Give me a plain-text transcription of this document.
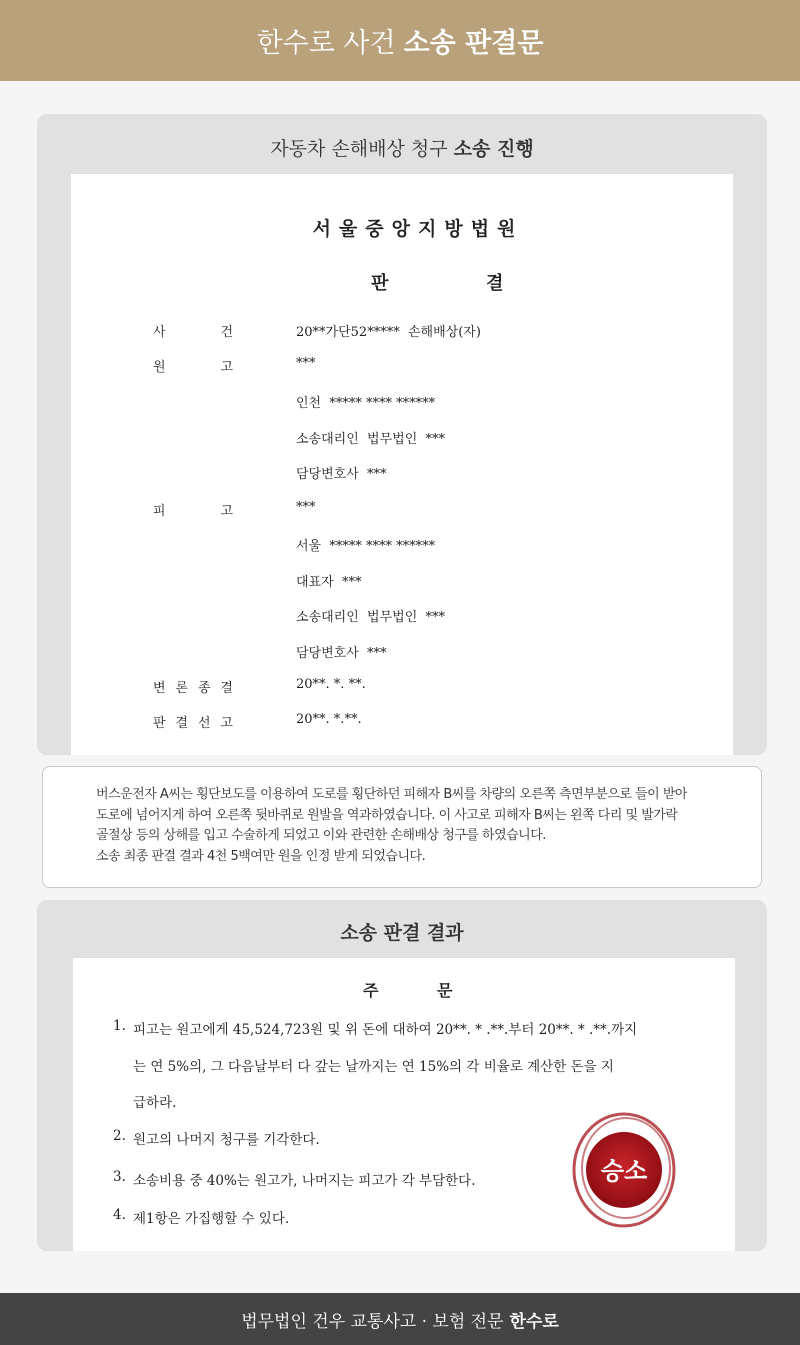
한수로 사건 소송 판결문
자동차 손해배상 청구 소송 진행
서울중앙지방법원
판	결
사	건	20**가단52*****  손해배상(자)
원	고	***
인천  ***** **** ******
소송대리인  법무법인  ***
담당변호사  ***
피	고	***
서울  ***** **** ******
대표자  ***
소송대리인  법무법인  ***
담당변호사  ***
변 론 종 결	20**. *. **.
판 결 선 고	20**. *.**.

버스운전자 A씨는 횡단보도를 이용하여 도로를 횡단하던 피해자 B씨를 차량의 오른쪽 측면부분으로 들이 받아

도로에 넘어지게 하여 오른쪽 뒷바퀴로 원발을 역과하였습니다. 이 사고로 피해자 B씨는 왼쪽 다리 및 발가락

골절상 등의 상해를 입고 수술하게 되었고 이와 관련한 손해배상 청구를 하였습니다.

소송 최종 판결 결과 4천 5백여만 원을 인정 받게 되었습니다.

소송 판결 결과
주	문
1. 피고는 원고에게 45,524,723원 및 위 돈에 대하여 20**. * .**.부터 20**. * .**.까지
는 연 5%의, 그 다음날부터 다 갚는 날까지는 연 15%의 각 비율로 계산한 돈을 지
급하라.
2. 원고의 나머지 청구를 기각한다.
3. 소송비용 중 40%는 원고가, 나머지는 피고가 각 부담한다.
4. 제1항은 가집행할 수 있다.
승소
법무법인 건우 교통사고 · 보험 전문 한수로
